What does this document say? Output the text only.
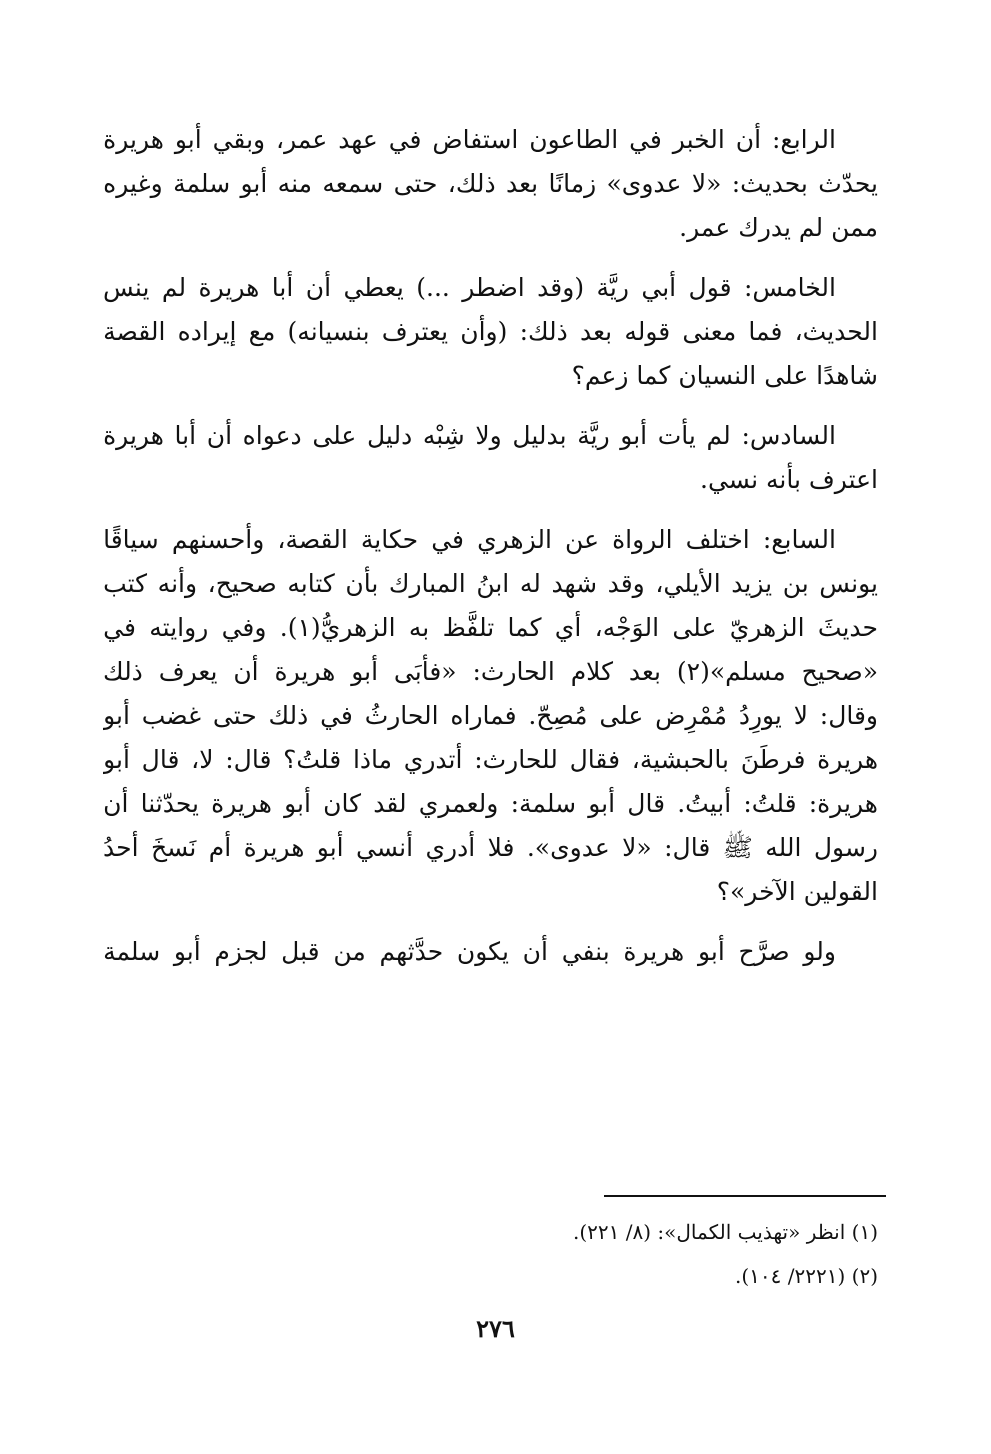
الرابع:
أن
الخبر
في
الطاعون
استفاض
في
عهد
عمر،
وبقي
أبو
هريرة
يحدّث
بحديث:
«لا
عدوى»
زمانًا
بعد
ذلك،
حتى
سمعه
منه
أبو
سلمة
وغيره
ممن لم يدرك عمر.
الخامس:
قول
أبي
ريَّة
(وقد
اضطر
...)
يعطي
أن
أبا
هريرة
لم
ينس
الحديث،
فما
معنى
قوله
بعد
ذلك:
(وأن
يعترف
بنسيانه)
مع
إيراده
القصة
شاهدًا على النسيان كما زعم؟
السادس:
لم
يأت
أبو
ريَّة
بدليل
ولا
شِبْه
دليل
على
دعواه
أن
أبا
هريرة
اعترف بأنه نسي.
السابع:
اختلف
الرواة
عن
الزهري
في
حكاية
القصة،
وأحسنهم
سياقًا
يونس
بن
يزيد
الأيلي،
وقد
شهد
له
ابنُ
المبارك
بأن
كتابه
صحيح،
وأنه
كتب
حديثَ
الزهريّ
على
الوَجْه،
أي
كما
تلفَّظ
به
الزهريُّ(١).
وفي
روايته
في
«صحيح
مسلم»(٢)
بعد
كلام
الحارث:
«فأبَى
أبو
هريرة
أن
يعرف
ذلك
وقال:
لا
يورِدُ
مُمْرِض
على
مُصِحّ.
فماراه
الحارثُ
في
ذلك
حتى
غضب
أبو
هريرة
فرطَنَ
بالحبشية،
فقال
للحارث:
أتدري
ماذا
قلتُ؟
قال:
لا،
قال
أبو
هريرة:
قلتُ:
أبيتُ.
قال
أبو
سلمة:
ولعمري
لقد
كان
أبو
هريرة
يحدّثنا
أن
رسول
الله
ﷺ
قال:
«لا
عدوى».
فلا
أدري
أنسي
أبو
هريرة
أم
نَسخَ
أحدُ
القولين الآخر»؟
ولو
صرَّح
أبو
هريرة
بنفي
أن
يكون
حدَّثهم
من
قبل
لجزم
أبو
سلمة
(١) انظر «تهذيب الكمال»: (٨/ ٢٢١).
(٢) (٢٢٢١/ ١٠٤).
٢٧٦
